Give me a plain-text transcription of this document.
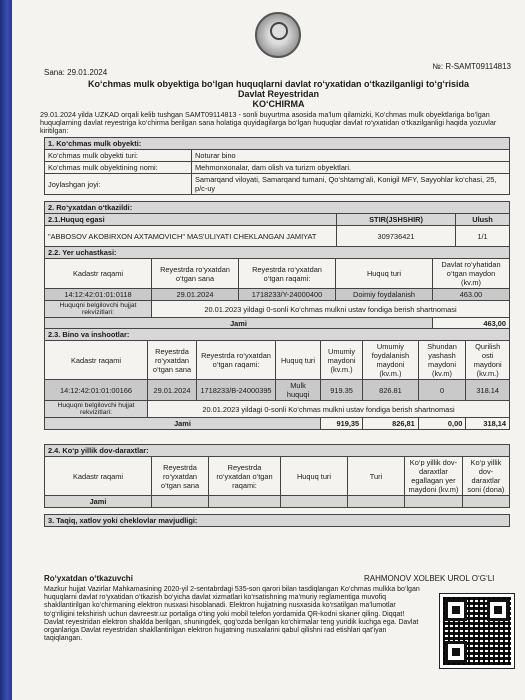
№: R-SAMT09114813
Sana: 29.01.2024
Ko‘chmas mulk obyektiga bo‘lgan huquqlarni davlat ro‘yxatidan o‘tkazilganligi to‘g‘risida
Davlat Reyestridan
KO‘CHIRMA
29.01.2024 yilda UZKAD orqali kelib tushgan SAMT09114813 - sonli buyurtma asosida ma’lum qilamizki, Ko‘chmas mulk obyektlariga bo‘lgan huquqlarning davlat reyestriga ko‘chirma berilgan sana holatiga quyidagilarga bo‘lgan huquqlar davlat ro‘yxatidan o‘tkazilganligi haqida yozuvlar kiritilgan:
1. Ko‘chmas mulk obyekti:	
Ko‘chmas mulk obyekti turi:	Noturar bino
Ko‘chmas mulk obyektining nomi:	Mehmonxonalar, dam olish va turizm obyektlari.
Joylashgan joyi:	Samarqand viloyati, Samarqand tumani, Qo‘shtamg‘ali, Konigil MFY, Sayyohlar ko‘chasi, 25, p/c-uy
2. Ro‘yxatdan o‘tkazildi:		
2.1.Huquq egasi	STIR(JSHSHIR)	Ulush
"ABBOSOV AKOBIRXON AXTAMOVICH" MAS'ULIYATI CHEKLANGAN JAMIYAT	309736421	1/1
2.2. Yer uchastkasi:				
Kadastr raqami	Reyestrda ro‘yxatdan o‘tgan sana	Reyestrda ro‘yxatdan o‘tgan raqami:	Huquq turi	Davlat ro‘yhatidan o‘tgan maydon (kv.m)
14:12:42:01:01:0118	29.01.2024	1718233/Y-24000400	Doimiy foydalanish	463.00
Huquqni belgilovchi hujjat rekvizitlari:	20.01.2023 yildagi 0-sonli Ko‘chmas mulkni ustav fondiga berish shartnomasi			
Jami				463,00
2.3. Bino va inshootlar:							
Kadastr raqami	Reyestrda ro‘yxatdan o‘tgan sana	Reyestrda ro‘yxatdan o‘tgan raqami:	Huquq turi	Umumiy maydoni (kv.m.)	Umumiy foydalanish maydoni (kv.m.)	Shundan yashash maydoni (kv.m)	Qurilish osti maydoni (kv.m.)
14:12:42:01:01:00166	29.01.2024	1718233/B-24000395	Mulk huquqi	919.35	826.81	0	318.14
Huquqni belgilovchi hujjat rekvizitlari:	20.01.2023 yildagi 0-sonli Ko‘chmas mulkni ustav fondiga berish shartnomasi						
Jami				919,35	826,81	0,00	318,14
2.4. Ko‘p yillik dov-daraxtlar:						
Kadastr raqami	Reyestrda ro‘yxatdan o‘tgan sana	Reyestrda ro‘yxatdan o‘tgan raqami:	Huquq turi	Turi	Ko‘p yillik dov-daraxtlar egallagan yer maydoni (kv.m)	Ko‘p yillik dov-daraxtlar soni (dona)
Jami						
3. Taqiq, xatlov yoki cheklovlar mavjudligi:
Ro‘yxatdan o‘tkazuvchi	RAHMONOV XOLBEK UROL O‘G‘LI
Mazkur hujjat Vazirlar Mahkamasining 2020-yil 2-sentabrdagi 535-son qarori bilan tasdiqlangan Ko‘chmas mulkka bo‘lgan huquqlarni davlat ro‘yxatidan o‘tkazish bo‘yicha davlat xizmatlari ko‘rsatishning ma’muriy reglamentiga muvofiq shakllantirilgan ko‘chirmaning elektron nusxasi hisoblanadi. Elektron hujjatning nusxasida ko‘rsatilgan ma’lumotlar to‘g‘riligini tekshirish uchun davreestr.uz portaliga o‘ting yoki mobil telefon yordamida QR-kodni skaner qiling. Diqqat! Davlat reyestridan elektron shaklda berilgan, shuningdek, qog‘ozda berilgan ko‘chirmalar teng yuridik kuchga ega. Davlat organlariga Davlat reyestridan shakllantirilgan elektron hujjatning nusxalarini qabul qilishni rad etishlari qat’iyan taqiqlangan.
